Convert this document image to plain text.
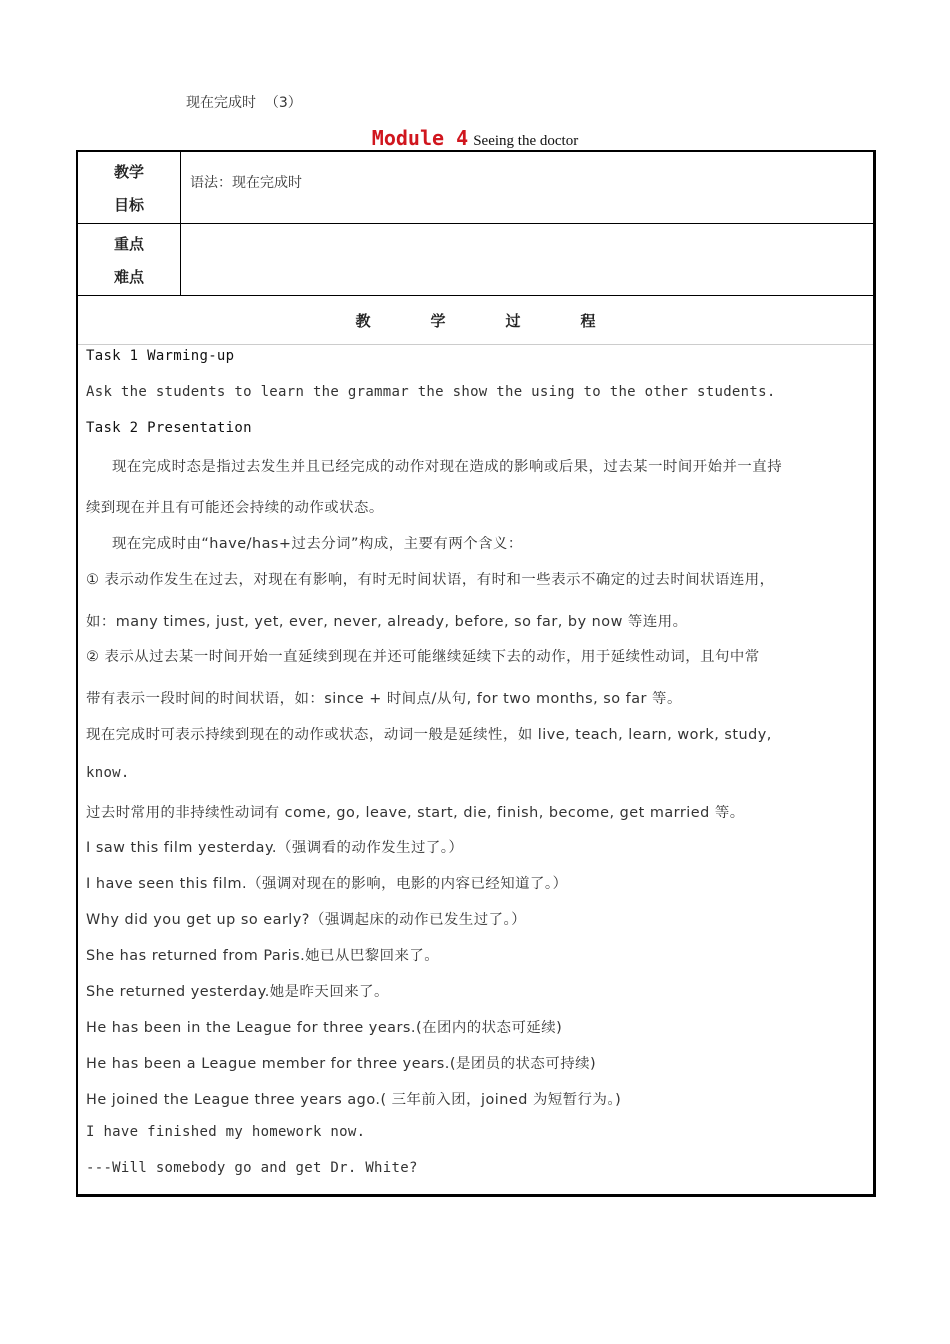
Module 4 Seeing the doctor
教学
目标
语法：现在完成时
重点
难点
教学过程
现在完成时  （3）
Task 1 Warming-up
Ask the students to learn the grammar the show the using to the other students.
Task 2 Presentation
现在完成时态是指过去发生并且已经完成的动作对现在造成的影响或后果，过去某一时间开始并一直持
续到现在并且有可能还会持续的动作或状态。
现在完成时由“have/has+过去分词”构成，主要有两个含义：
① 表示动作发生在过去，对现在有影响，有时无时间状语，有时和一些表示不确定的过去时间状语连用，
如：many times, just, yet, ever, never, already, before, so far, by now 等连用。
② 表示从过去某一时间开始一直延续到现在并还可能继续延续下去的动作，用于延续性动词，且句中常
带有表示一段时间的时间状语，如：since + 时间点/从句, for two months, so far 等。
现在完成时可表示持续到现在的动作或状态，动词一般是延续性，如 live, teach, learn, work, study,
know.
过去时常用的非持续性动词有 come, go, leave, start, die, finish, become, get married 等。
I saw this film yesterday.（强调看的动作发生过了。）
I have seen this film.（强调对现在的影响，电影的内容已经知道了。）
Why did you get up so early?（强调起床的动作已发生过了。）
She has returned from Paris.她已从巴黎回来了。
She returned yesterday.她是昨天回来了。
He has been in the League for three years.(在团内的状态可延续)
He has been a League member for three years.(是团员的状态可持续)
He joined the League three years ago.( 三年前入团，joined 为短暂行为。)
I have finished my homework now.
---Will somebody go and get Dr. White?
